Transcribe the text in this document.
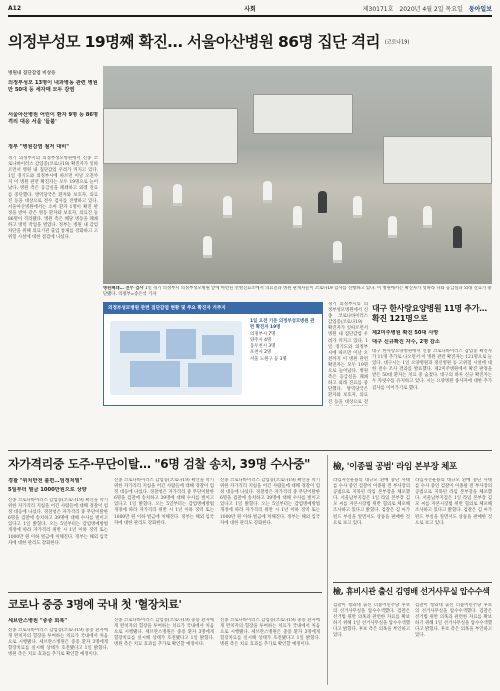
A12	사회	제30171호 2020년 4월 2일 목요일 동아일보
의정부성모 19명째 확진… 서울아산병원 86명 집단 격리 (코로나19)
병원내 집단감염 비상등
의정부성모 13명이 내과병동 관련 병원만 50대 등 세자매 모두 감염
서울아산병원 어린이 환자 9명 등 86명 격리 대응 서울 '들불'
정부 "병원감염 철저 대비"
경기 의정부시의 의정부성모병원에서 신종 코로나바이러스 감염증(코로나19) 확진자가 잇따르면서 병원 내 집단감염 우려가 커지고 있다. 1일 경기도와 의정부시에 따르면 이날 오전까지 이 병원 관련 확진자는 모두 19명으로 늘어났다. 병원 측은 응급실을 폐쇄하고 외래 진료를 중단했다. 방역당국은 환자와 보호자, 의료진 등을 대상으로 전수 검사를 진행하고 있다. 서울아산병원에서는 소아 환자 1명이 확진 판정을 받아 같은 병동 환자와 보호자, 의료진 등 86명이 격리됐다. 병원 측은 해당 병동을 폐쇄하고 방역 작업을 벌였다. 정부는 병원 내 감염 차단을 위해 의료기관 출입 통제를 강화하고 고위험 시설에 대한 점검에 나섰다.
병원폐쇄… 전수 검사 1일 경기 의정부시 의정부성모병원 앞에 마련된 선별진료소에서 의료진과 병원 관계자들이 코로나19 검사를 진행하고 있다. 이 병원에서는 확진자가 잇따라 나와 응급실과 외래 진료가 중단됐다. 의정부=송은석 기자
의정부성모병원 관련 집단감염 현황 및 주요 확진자 거주지
1일 오전 기준 의정부성모병원 관련 확진자 19명
의정부시 7명
양주시 4명
동두천시 3명
포천시 2명
서울 노원구 등 3명
경기 의정부시의 의정부성모병원에서 신종 코로나바이러스 감염증(코로나19) 확진자가 잇따르면서 병원 내 집단감염 우려가 커지고 있다. 1일 경기도와 의정부시에 따르면 이날 오전까지 이 병원 관련 확진자는 모두 19명으로 늘어났다. 병원 측은 응급실을 폐쇄하고 외래 진료를 중단했다. 방역당국은 환자와 보호자, 의료진 등을 대상으로 전
대구 한사랑요양병원 11명 추가… 확진 121명으로
제2미주병원 확진 50대 사망
대구 신규확진 자수, 2명 감소
대구 한사랑요양병원에서 신종 코로나바이러스 감염증 확진자가 11명 추가로 나오면서 이 병원 관련 확진자는 121명으로 늘었다. 대구시는 1일 요양병원과 정신병원 등 고위험 시설에 대한 전수 조사 결과를 발표했다. 제2미주병원에서 확진 판정을 받은 50대 환자는 치료 중 숨졌다. 대구의 하루 신규 확진자는 두 자릿수를 유지하고 있다. 시는 요양병원 종사자에 대한 추가 검사를 이어가기로 했다.
자가격리중 도주·무단이탈… "6명 검찰 송치, 39명 수사중"
경찰 "위치반전 불편…엄정처벌"
5일부터 벌금 1000만원으로 상향
신종 코로나바이러스 감염증(코로나19) 확산을 막기 위한 자가격리 지침을 어긴 사람들에 대해 경찰이 엄정 대응에 나섰다. 경찰청은 자가격리 중 무단이탈한 6명을 검찰에 송치하고 39명에 대해 수사를 벌이고 있다고 1일 밝혔다. 오는 5일부터는 감염병예방법 개정에 따라 자가격리 위반 시 1년 이하 징역 또는 1000만 원 이하 벌금에 처해진다. 정부는 해외 입국자에 대한 관리도 강화한다.
신종 코로나바이러스 감염증(코로나19) 확산을 막기 위한 자가격리 지침을 어긴 사람들에 대해 경찰이 엄정 대응에 나섰다. 경찰청은 자가격리 중 무단이탈한 6명을 검찰에 송치하고 39명에 대해 수사를 벌이고 있다고 1일 밝혔다. 오는 5일부터는 감염병예방법 개정에 따라 자가격리 위반 시 1년 이하 징역 또는 1000만 원 이하 벌금에 처해진다. 정부는 해외 입국자에 대한 관리도 강화한다.
신종 코로나바이러스 감염증(코로나19) 확산을 막기 위한 자가격리 지침을 어긴 사람들에 대해 경찰이 엄정 대응에 나섰다. 경찰청은 자가격리 중 무단이탈한 6명을 검찰에 송치하고 39명에 대해 수사를 벌이고 있다고 1일 밝혔다. 오는 5일부터는 감염병예방법 개정에 따라 자가격리 위반 시 1년 이하 징역 또는 1000만 원 이하 벌금에 처해진다. 정부는 해외 입국자에 대한 관리도 강화한다.
檢, '이종필 공범' 라임 본부장 체포
라임자산운용의 대규모 환매 중단 사태를 수사 중인 검찰이 이종필 전 부사장의 공범으로 지목된 라임 본부장을 체포했다. 서울남부지검은 1일 라임 본부장 김모 씨를 자본시장법 위반 혐의로 체포해 조사하고 있다고 밝혔다. 검찰은 김 씨가 펀드 부실을 알면서도 상품을 판매한 것으로 보고 있다.
라임자산운용의 대규모 환매 중단 사태를 수사 중인 검찰이 이종필 전 부사장의 공범으로 지목된 라임 본부장을 체포했다. 서울남부지검은 1일 라임 본부장 김모 씨를 자본시장법 위반 혐의로 체포해 조사하고 있다고 밝혔다. 검찰은 김 씨가 펀드 부실을 알면서도 상품을 판매한 것으로 보고 있다.
檢, 휴비시관 출신 김영배 선거사무실 압수수색
검찰이 청와대 출신 더불어민주당 후보의 선거사무실을 압수수색했다. 검찰은 선거법 위반 의혹과 관련한 자료를 확보하기 위해 1일 선거사무실을 압수수색했다고 밝혔다. 후보 측은 의혹을 부인하고 있다.
검찰이 청와대 출신 더불어민주당 후보의 선거사무실을 압수수색했다. 검찰은 선거법 위반 의혹과 관련한 자료를 확보하기 위해 1일 선거사무실을 압수수색했다고 밝혔다. 후보 측은 의혹을 부인하고 있다.
코로나 중증 3명에 국내 첫 '혈장치료'
세브란스병원 "중증 회복"
신종 코로나바이러스 감염증(코로나19) 중증 환자에게 완치자의 혈장을 투여하는 치료가 국내에서 처음으로 시행됐다. 세브란스병원은 중증 환자 3명에게 혈장치료를 실시해 상태가 호전됐다고 1일 밝혔다. 병원 측은 치료 효과를 추가로 확인할 예정이다.
신종 코로나바이러스 감염증(코로나19) 중증 환자에게 완치자의 혈장을 투여하는 치료가 국내에서 처음으로 시행됐다. 세브란스병원은 중증 환자 3명에게 혈장치료를 실시해 상태가 호전됐다고 1일 밝혔다. 병원 측은 치료 효과를 추가로 확인할 예정이다.
신종 코로나바이러스 감염증(코로나19) 중증 환자에게 완치자의 혈장을 투여하는 치료가 국내에서 처음으로 시행됐다. 세브란스병원은 중증 환자 3명에게 혈장치료를 실시해 상태가 호전됐다고 1일 밝혔다. 병원 측은 치료 효과를 추가로 확인할 예정이다.
